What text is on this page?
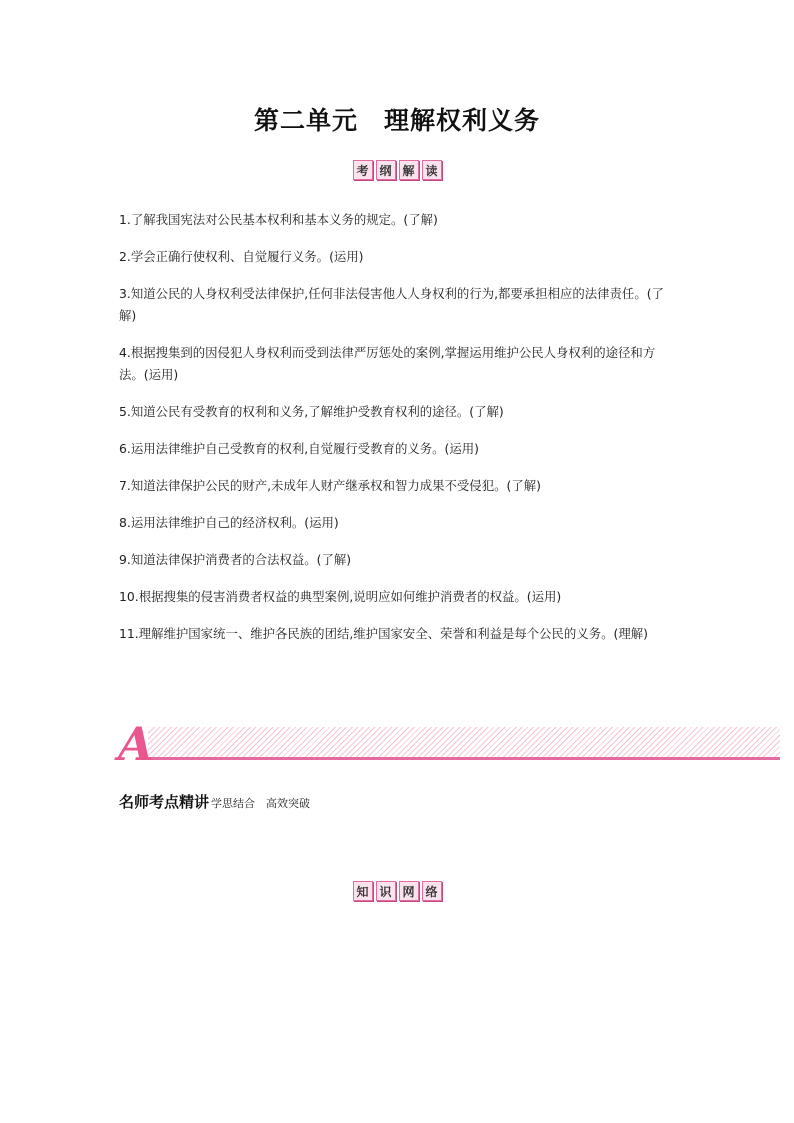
第二单元　理解权利义务
考 纲 解 读

1.了解我国宪法对公民基本权利和基本义务的规定。(了解)

2.学会正确行使权利、自觉履行义务。(运用)

3.知道公民的人身权利受法律保护,任何非法侵害他人人身权利的行为,都要承担相应的法律责任。(了解)

4.根据搜集到的因侵犯人身权利而受到法律严厉惩处的案例,掌握运用维护公民人身权利的途径和方法。(运用)

5.知道公民有受教育的权利和义务,了解维护受教育权利的途径。(了解)

6.运用法律维护自己受教育的权利,自觉履行受教育的义务。(运用)

7.知道法律保护公民的财产,未成年人财产继承权和智力成果不受侵犯。(了解)

8.运用法律维护自己的经济权利。(运用)

9.知道法律保护消费者的合法权益。(了解)

10.根据搜集的侵害消费者权益的典型案例,说明应如何维护消费者的权益。(运用)

11.理解维护国家统一、维护各民族的团结,维护国家安全、荣誉和利益是每个公民的义务。(理解)

A
名师考点精讲 学思结合　高效突破
知 识 网 络
